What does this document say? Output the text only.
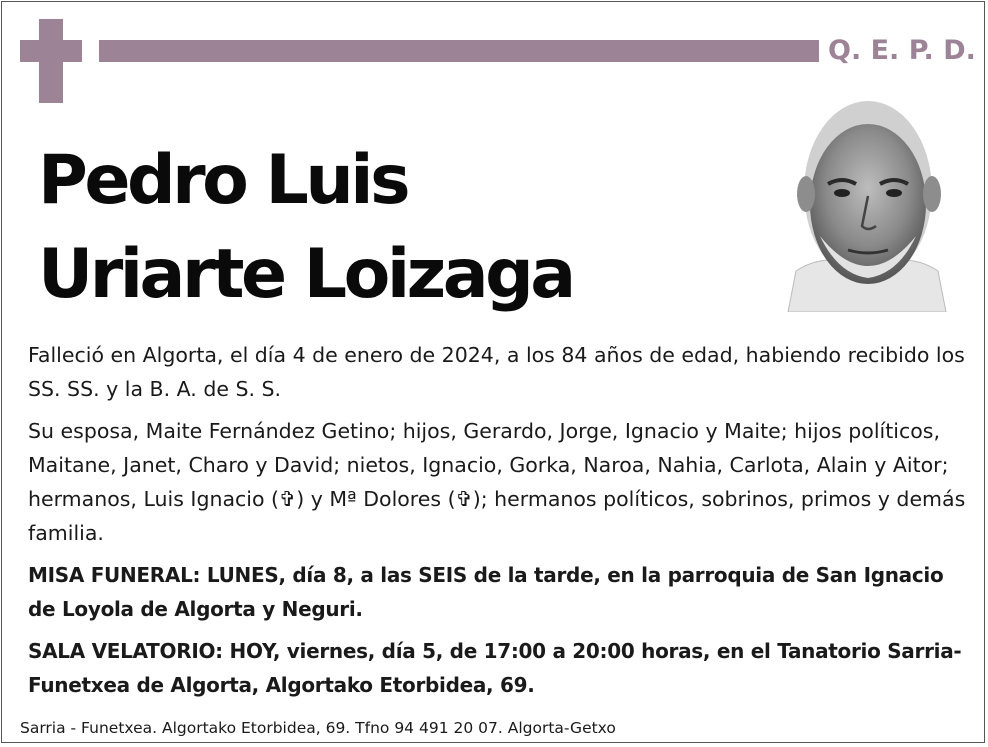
Q. E. P. D.
Pedro Luis
Uriarte Loizaga

Falleció en Algorta, el día 4 de enero de 2024, a los 84 años de edad, habiendo recibido los SS. SS. y la B. A. de S. S.

Su esposa, Maite Fernández Getino; hijos, Gerardo, Jorge, Ignacio y Maite; hijos políticos, Maitane, Janet, Charo y David; nietos, Ignacio, Gorka, Naroa, Nahia, Carlota, Alain y Aitor; hermanos, Luis Ignacio (✞) y Mª Dolores (✞); hermanos políticos, sobrinos, primos y demás familia.

MISA FUNERAL: LUNES, día 8, a las SEIS de la tarde, en la parroquia de San Ignacio de Loyola de Algorta y Neguri.

SALA VELATORIO: HOY, viernes, día 5, de 17:00 a 20:00 horas, en el Tanatorio Sarria-Funetxea de Algorta, Algortako Etorbidea, 69.

Sarria - Funetxea. Algortako Etorbidea, 69. Tfno 94 491 20 07. Algorta-Getxo
